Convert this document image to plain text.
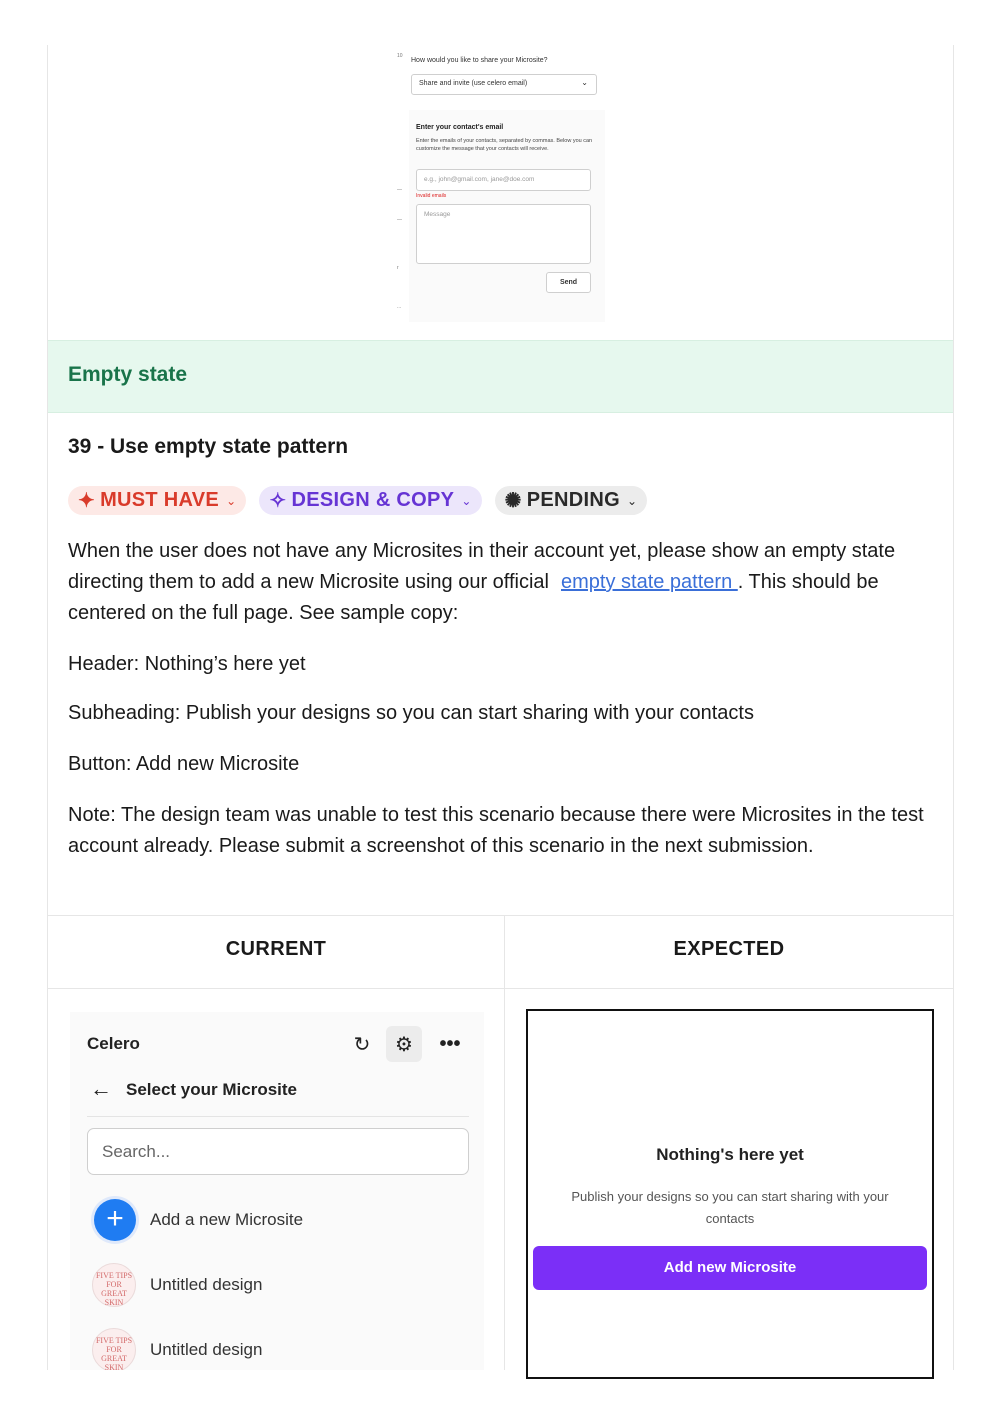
10
—
—
r
...
How would you like to share your Microsite?
Share and invite (use celero email)	⌄
Enter your contact's email
Enter the emails of your contacts, separated by commas. Below you can customize the message that your contacts will receive.
e.g., john@gmail.com, jane@doe.com
Invalid emails
Message
Send
Empty state
39 - Use empty state pattern
✦ MUST HAVE ⌄ ✧ DESIGN & COPY ⌄ ✺ PENDING ⌄
When the user does not have any Microsites in their account yet, please show an empty state directing them to add a new Microsite using our official empty state pattern . This should be centered on the full page. See sample copy:
Header: Nothing’s here yet
Subheading: Publish your designs so you can start sharing with your contacts
Button: Add new Microsite
Note: The design team was unable to test this scenario because there were Microsites in the test account already. Please submit a screenshot of this scenario in the next submission.
CURRENT	EXPECTED
Celero	↻	⚙	•••
← Select your Microsite
Search...
+	Add a new Microsite
FIVE TIPS FOR GREAT SKIN
Untitled design
FIVE TIPS FOR GREAT SKIN
Untitled design
Nothing's here yet
Publish your designs so you can start sharing with your contacts
Add new Microsite
